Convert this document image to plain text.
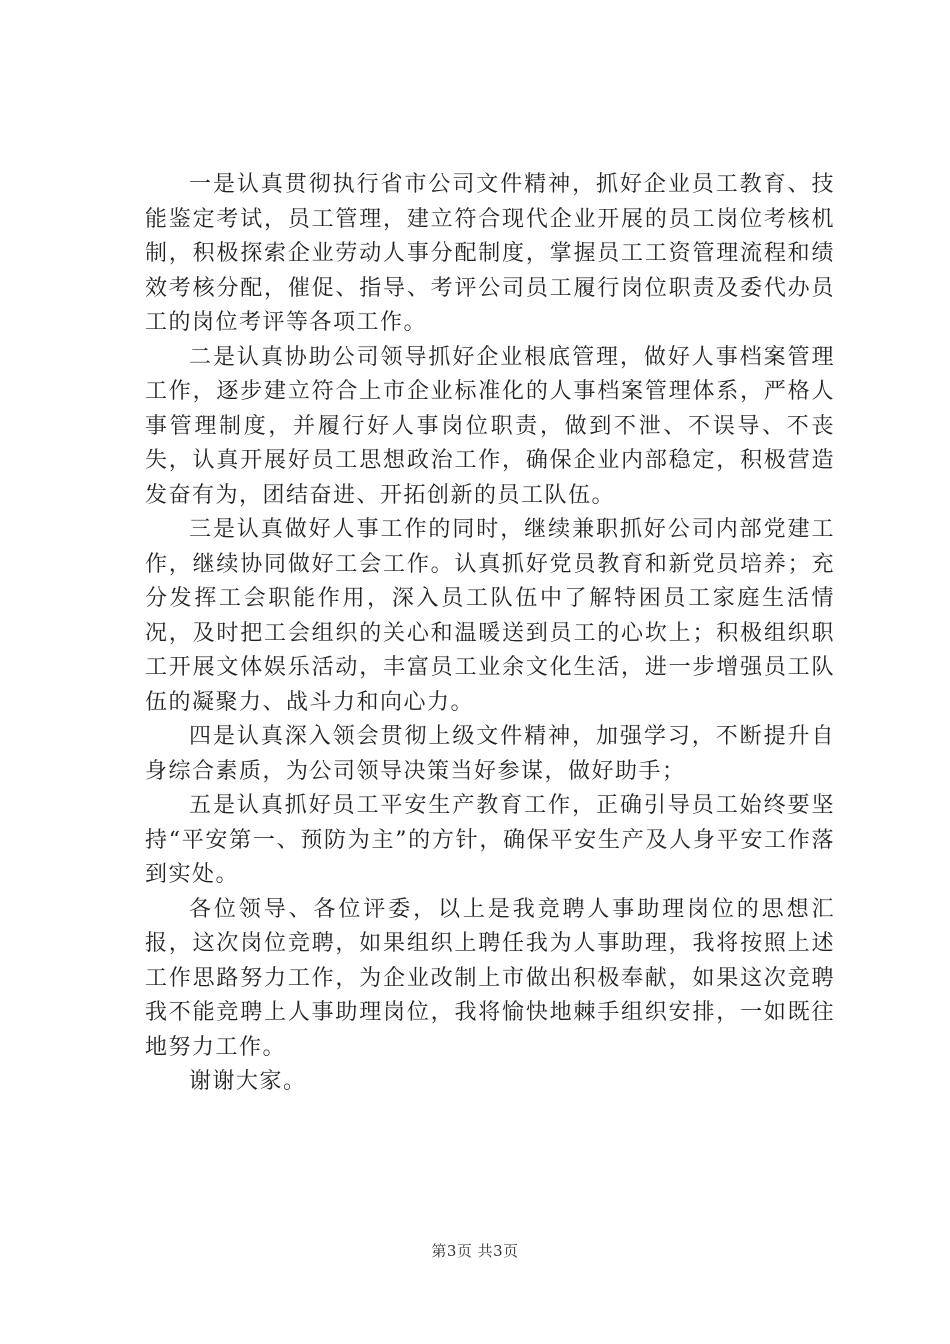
一是认真贯彻执行省市公司文件精神，抓好企业员工教育、技能鉴定考试，员工管理，建立符合现代企业开展的员工岗位考核机制，积极探索企业劳动人事分配制度，掌握员工工资管理流程和绩效考核分配，催促、指导、考评公司员工履行岗位职责及委代办员工的岗位考评等各项工作。

二是认真协助公司领导抓好企业根底管理，做好人事档案管理工作，逐步建立符合上市企业标准化的人事档案管理体系，严格人事管理制度，并履行好人事岗位职责，做到不泄、不误导、不丧失，认真开展好员工思想政治工作，确保企业内部稳定，积极营造发奋有为，团结奋进、开拓创新的员工队伍。

三是认真做好人事工作的同时，继续兼职抓好公司内部党建工作，继续协同做好工会工作。认真抓好党员教育和新党员培养；充分发挥工会职能作用，深入员工队伍中了解特困员工家庭生活情况，及时把工会组织的关心和温暖送到员工的心坎上；积极组织职工开展文体娱乐活动，丰富员工业余文化生活，进一步增强员工队伍的凝聚力、战斗力和向心力。

四是认真深入领会贯彻上级文件精神，加强学习，不断提升自身综合素质，为公司领导决策当好参谋，做好助手；

五是认真抓好员工平安生产教育工作，正确引导员工始终要坚持“平安第一、预防为主”的方针，确保平安生产及人身平安工作落到实处。

各位领导、各位评委，以上是我竞聘人事助理岗位的思想汇报，这次岗位竞聘，如果组织上聘任我为人事助理，我将按照上述工作思路努力工作，为企业改制上市做出积极奉献，如果这次竞聘我不能竞聘上人事助理岗位，我将愉快地棘手组织安排，一如既往地努力工作。

谢谢大家。

第3页 共3页
